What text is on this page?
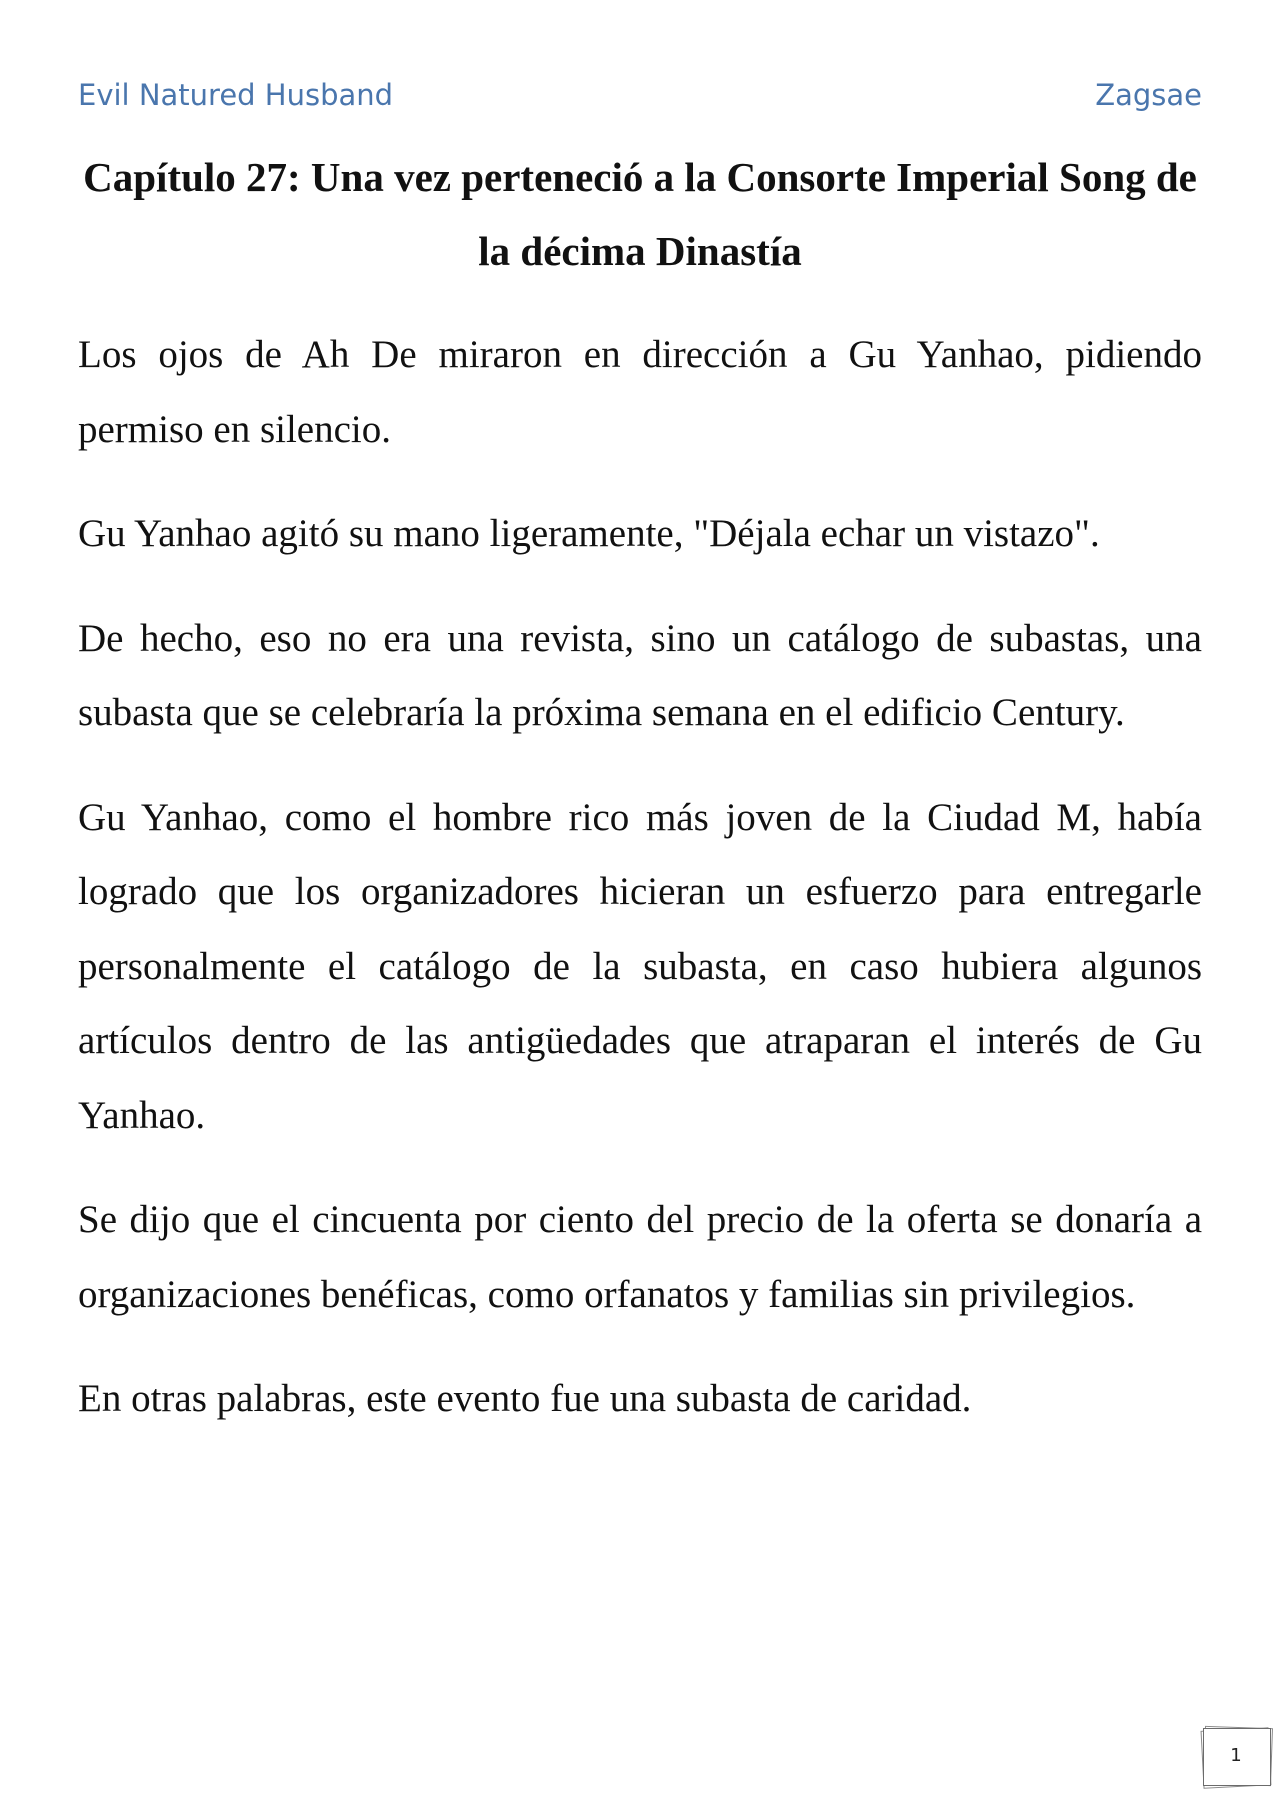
Evil Natured Husband	Zagsae
Capítulo 27: Una vez perteneció a la Consorte Imperial Song de la décima Dinastía

Los ojos de Ah De miraron en dirección a Gu Yanhao, pidiendo permiso en silencio.

Gu Yanhao agitó su mano ligeramente, "Déjala echar un vistazo".

De hecho, eso no era una revista, sino un catálogo de subastas, una subasta que se celebraría la próxima semana en el edificio Century.

Gu Yanhao, como el hombre rico más joven de la Ciudad M, había logrado que los organizadores hicieran un esfuerzo para entregarle personalmente el catálogo de la subasta, en caso hubiera algunos artículos dentro de las antigüedades que atraparan el interés de Gu Yanhao.

Se dijo que el cincuenta por ciento del precio de la oferta se donaría a organizaciones benéficas, como orfanatos y familias sin privilegios.

En otras palabras, este evento fue una subasta de caridad.

1
